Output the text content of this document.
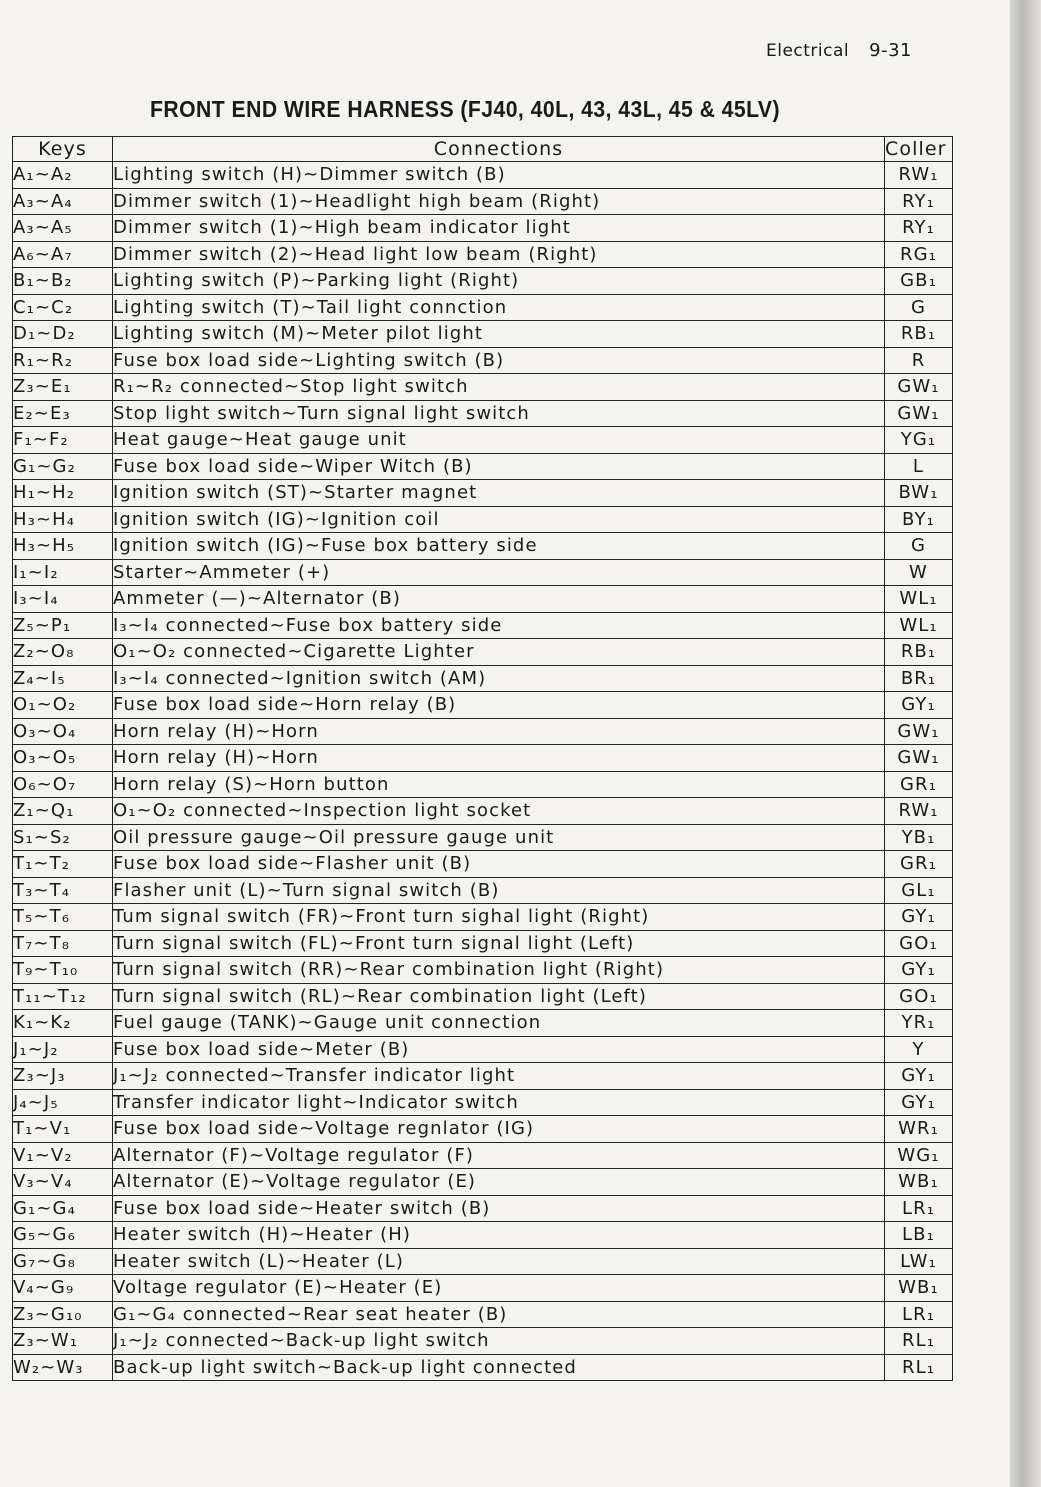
Electrical 9-31
FRONT END WIRE HARNESS (FJ40, 40L, 43, 43L, 45 & 45LV)
Keys	Connections	Coller
A₁~A₂	Lighting switch (H)~Dimmer switch (B)	RW₁
A₃~A₄	Dimmer switch (1)~Headlight high beam (Right)	RY₁
A₃~A₅	Dimmer switch (1)~High beam indicator light	RY₁
A₆~A₇	Dimmer switch (2)~Head light low beam (Right)	RG₁
B₁~B₂	Lighting switch (P)~Parking light (Right)	GB₁
C₁~C₂	Lighting switch (T)~Tail light connction	G
D₁~D₂	Lighting switch (M)~Meter pilot light	RB₁
R₁~R₂	Fuse box load side~Lighting switch (B)	R
Z₃~E₁	R₁~R₂ connected~Stop light switch	GW₁
E₂~E₃	Stop light switch~Turn signal light switch	GW₁
F₁~F₂	Heat gauge~Heat gauge unit	YG₁
G₁~G₂	Fuse box load side~Wiper Witch (B)	L
H₁~H₂	Ignition switch (ST)~Starter magnet	BW₁
H₃~H₄	Ignition switch (IG)~Ignition coil	BY₁
H₃~H₅	Ignition switch (IG)~Fuse box battery side	G
I₁~I₂	Starter~Ammeter (+)	W
I₃~I₄	Ammeter (—)~Alternator (B)	WL₁
Z₅~P₁	I₃~I₄ connected~Fuse box battery side	WL₁
Z₂~O₈	O₁~O₂ connected~Cigarette Lighter	RB₁
Z₄~I₅	I₃~I₄ connected~Ignition switch (AM)	BR₁
O₁~O₂	Fuse box load side~Horn relay (B)	GY₁
O₃~O₄	Horn relay (H)~Horn	GW₁
O₃~O₅	Horn relay (H)~Horn	GW₁
O₆~O₇	Horn relay (S)~Horn button	GR₁
Z₁~Q₁	O₁~O₂ connected~Inspection light socket	RW₁
S₁~S₂	Oil pressure gauge~Oil pressure gauge unit	YB₁
T₁~T₂	Fuse box load side~Flasher unit (B)	GR₁
T₃~T₄	Flasher unit (L)~Turn signal switch (B)	GL₁
T₅~T₆	Tum signal switch (FR)~Front turn sighal light (Right)	GY₁
T₇~T₈	Turn signal switch (FL)~Front turn signal light (Left)	GO₁
T₉~T₁₀	Turn signal switch (RR)~Rear combination light (Right)	GY₁
T₁₁~T₁₂	Turn signal switch (RL)~Rear combination light (Left)	GO₁
K₁~K₂	Fuel gauge (TANK)~Gauge unit connection	YR₁
J₁~J₂	Fuse box load side~Meter (B)	Y
Z₃~J₃	J₁~J₂ connected~Transfer indicator light	GY₁
J₄~J₅	Transfer indicator light~Indicator switch	GY₁
T₁~V₁	Fuse box load side~Voltage regnlator (IG)	WR₁
V₁~V₂	Alternator (F)~Voltage regulator (F)	WG₁
V₃~V₄	Alternator (E)~Voltage regulator (E)	WB₁
G₁~G₄	Fuse box load side~Heater switch (B)	LR₁
G₅~G₆	Heater switch (H)~Heater (H)	LB₁
G₇~G₈	Heater switch (L)~Heater (L)	LW₁
V₄~G₉	Voltage regulator (E)~Heater (E)	WB₁
Z₃~G₁₀	G₁~G₄ connected~Rear seat heater (B)	LR₁
Z₃~W₁	J₁~J₂ connected~Back-up light switch	RL₁
W₂~W₃	Back-up light switch~Back-up light connected	RL₁
